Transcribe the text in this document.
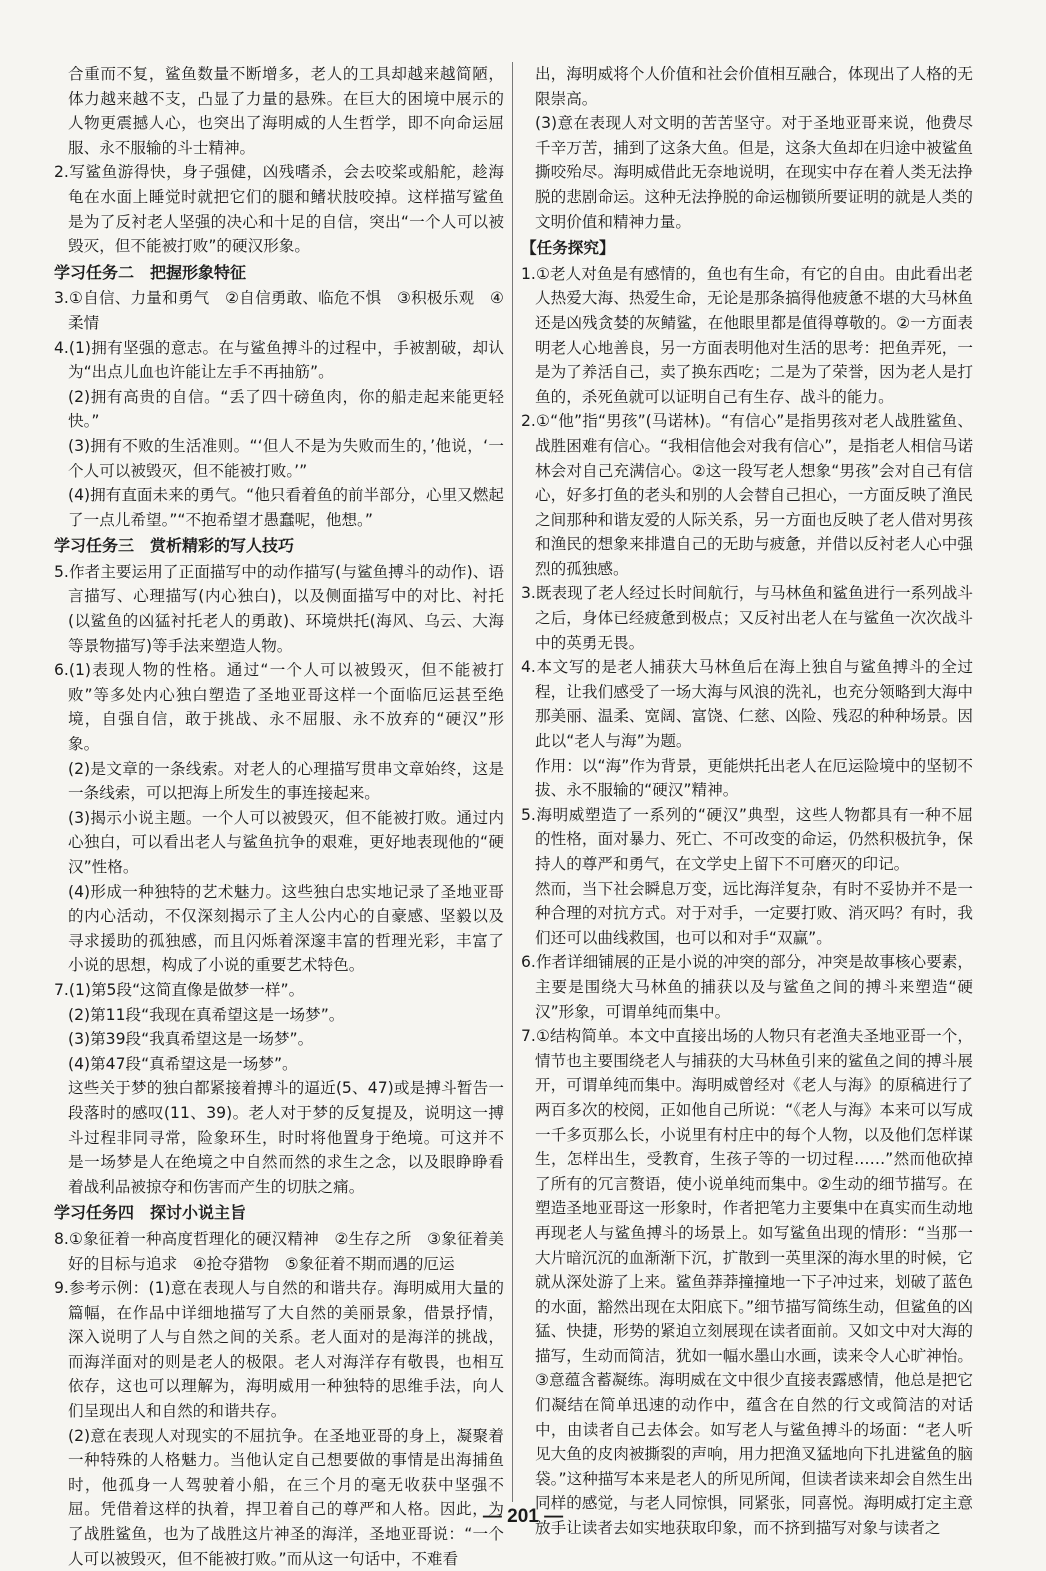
合重而不复，鲨鱼数量不断增多，老人的工具却越来越简陋，体力越来越不支，凸显了力量的悬殊。在巨大的困境中展示的人物更震撼人心，也突出了海明威的人生哲学，即不向命运屈服、永不服输的斗士精神。

2.写鲨鱼游得快，身子强健，凶残嗜杀，会去咬桨或船舵，趁海龟在水面上睡觉时就把它们的腿和鳍状肢咬掉。这样描写鲨鱼是为了反衬老人坚强的决心和十足的自信，突出“一个人可以被毁灭，但不能被打败”的硬汉形象。

学习任务二　把握形象特征

3.①自信、力量和勇气　②自信勇敢、临危不惧　③积极乐观　④柔情

4.(1)拥有坚强的意志。在与鲨鱼搏斗的过程中，手被割破，却认为“出点儿血也许能让左手不再抽筋”。

(2)拥有高贵的自信。“丢了四十磅鱼肉，你的船走起来能更轻快。”

(3)拥有不败的生活准则。“‘但人不是为失败而生的，’他说，‘一个人可以被毁灭，但不能被打败。’”

(4)拥有直面未来的勇气。“他只看着鱼的前半部分，心里又燃起了一点儿希望。”“不抱希望才愚蠢呢，他想。”

学习任务三　赏析精彩的写人技巧

5.作者主要运用了正面描写中的动作描写(与鲨鱼搏斗的动作)、语言描写、心理描写(内心独白)，以及侧面描写中的对比、衬托(以鲨鱼的凶猛衬托老人的勇敢)、环境烘托(海风、乌云、大海等景物描写)等手法来塑造人物。

6.(1)表现人物的性格。通过“一个人可以被毁灭，但不能被打败”等多处内心独白塑造了圣地亚哥这样一个面临厄运甚至绝境，自强自信，敢于挑战、永不屈服、永不放弃的“硬汉”形象。

(2)是文章的一条线索。对老人的心理描写贯串文章始终，这是一条线索，可以把海上所发生的事连接起来。

(3)揭示小说主题。一个人可以被毁灭，但不能被打败。通过内心独白，可以看出老人与鲨鱼抗争的艰难，更好地表现他的“硬汉”性格。

(4)形成一种独特的艺术魅力。这些独白忠实地记录了圣地亚哥的内心活动，不仅深刻揭示了主人公内心的自豪感、坚毅以及寻求援助的孤独感，而且闪烁着深邃丰富的哲理光彩，丰富了小说的思想，构成了小说的重要艺术特色。

7.(1)第5段“这简直像是做梦一样”。

(2)第11段“我现在真希望这是一场梦”。

(3)第39段“我真希望这是一场梦”。

(4)第47段“真希望这是一场梦”。

这些关于梦的独白都紧接着搏斗的逼近(5、47)或是搏斗暂告一段落时的感叹(11、39)。老人对于梦的反复提及，说明这一搏斗过程非同寻常，险象环生，时时将他置身于绝境。可这并不是一场梦是人在绝境之中自然而然的求生之念，以及眼睁睁看着战利品被掠夺和伤害而产生的切肤之痛。

学习任务四　探讨小说主旨

8.①象征着一种高度哲理化的硬汉精神　②生存之所　③象征着美好的目标与追求　④抢夺猎物　⑤象征着不期而遇的厄运

9.参考示例：(1)意在表现人与自然的和谐共存。海明威用大量的篇幅，在作品中详细地描写了大自然的美丽景象，借景抒情，深入说明了人与自然之间的关系。老人面对的是海洋的挑战，而海洋面对的则是老人的极限。老人对海洋存有敬畏，也相互依存，这也可以理解为，海明威用一种独特的思维手法，向人们呈现出人和自然的和谐共存。

(2)意在表现人对现实的不屈抗争。在圣地亚哥的身上，凝聚着一种特殊的人格魅力。当他认定自己想要做的事情是出海捕鱼时，他孤身一人驾驶着小船，在三个月的毫无收获中坚强不屈。凭借着这样的执着，捍卫着自己的尊严和人格。因此，为了战胜鲨鱼，也为了战胜这片神圣的海洋，圣地亚哥说：“一个人可以被毁灭，但不能被打败。”而从这一句话中，不难看

出，海明威将个人价值和社会价值相互融合，体现出了人格的无限崇高。

(3)意在表现人对文明的苦苦坚守。对于圣地亚哥来说，他费尽千辛万苦，捕到了这条大鱼。但是，这条大鱼却在归途中被鲨鱼撕咬殆尽。海明威借此无奈地说明，在现实中存在着人类无法挣脱的悲剧命运。这种无法挣脱的命运枷锁所要证明的就是人类的文明价值和精神力量。

【任务探究】

1.①老人对鱼是有感情的，鱼也有生命，有它的自由。由此看出老人热爱大海、热爱生命，无论是那条搞得他疲惫不堪的大马林鱼还是凶残贪婪的灰鲭鲨，在他眼里都是值得尊敬的。②一方面表明老人心地善良，另一方面表明他对生活的思考：把鱼弄死，一是为了养活自己，卖了换东西吃；二是为了荣誉，因为老人是打鱼的，杀死鱼就可以证明自己有生存、战斗的能力。

2.①“他”指“男孩”(马诺林)。“有信心”是指男孩对老人战胜鲨鱼、战胜困难有信心。“我相信他会对我有信心”，是指老人相信马诺林会对自己充满信心。②这一段写老人想象“男孩”会对自己有信心，好多打鱼的老头和别的人会替自己担心，一方面反映了渔民之间那种和谐友爱的人际关系，另一方面也反映了老人借对男孩和渔民的想象来排遣自己的无助与疲惫，并借以反衬老人心中强烈的孤独感。

3.既表现了老人经过长时间航行，与马林鱼和鲨鱼进行一系列战斗之后，身体已经疲惫到极点；又反衬出老人在与鲨鱼一次次战斗中的英勇无畏。

4.本文写的是老人捕获大马林鱼后在海上独自与鲨鱼搏斗的全过程，让我们感受了一场大海与风浪的洗礼，也充分领略到大海中那美丽、温柔、宽阔、富饶、仁慈、凶险、残忍的种种场景。因此以“老人与海”为题。

作用：以“海”作为背景，更能烘托出老人在厄运险境中的坚韧不拔、永不服输的“硬汉”精神。

5.海明威塑造了一系列的“硬汉”典型，这些人物都具有一种不屈的性格，面对暴力、死亡、不可改变的命运，仍然积极抗争，保持人的尊严和勇气，在文学史上留下不可磨灭的印记。

然而，当下社会瞬息万变，远比海洋复杂，有时不妥协并不是一种合理的对抗方式。对于对手，一定要打败、消灭吗？有时，我们还可以曲线救国，也可以和对手“双赢”。

6.作者详细铺展的正是小说的冲突的部分，冲突是故事核心要素，主要是围绕大马林鱼的捕获以及与鲨鱼之间的搏斗来塑造“硬汉”形象，可谓单纯而集中。

7.①结构简单。本文中直接出场的人物只有老渔夫圣地亚哥一个，情节也主要围绕老人与捕获的大马林鱼引来的鲨鱼之间的搏斗展开，可谓单纯而集中。海明威曾经对《老人与海》的原稿进行了两百多次的校阅，正如他自己所说：“《老人与海》本来可以写成一千多页那么长，小说里有村庄中的每个人物，以及他们怎样谋生，怎样出生，受教育，生孩子等的一切过程……”然而他砍掉了所有的冗言赘语，使小说单纯而集中。②生动的细节描写。在塑造圣地亚哥这一形象时，作者把笔力主要集中在真实而生动地再现老人与鲨鱼搏斗的场景上。如写鲨鱼出现的情形：“当那一大片暗沉沉的血渐渐下沉，扩散到一英里深的海水里的时候，它就从深处游了上来。鲨鱼莽莽撞撞地一下子冲过来，划破了蓝色的水面，豁然出现在太阳底下。”细节描写简练生动，但鲨鱼的凶猛、快捷，形势的紧迫立刻展现在读者面前。又如文中对大海的描写，生动而简洁，犹如一幅水墨山水画，读来令人心旷神怡。③意蕴含蓄凝练。海明威在文中很少直接表露感情，他总是把它们凝结在简单迅速的动作中，蕴含在自然的行文或简洁的对话中，由读者自己去体会。如写老人与鲨鱼搏斗的场面：“老人听见大鱼的皮肉被撕裂的声响，用力把渔叉猛地向下扎进鲨鱼的脑袋。”这种描写本来是老人的所见所闻，但读者读来却会自然生出同样的感觉，与老人同惊惧，同紧张，同喜悦。海明威打定主意放手让读者去如实地获取印象，而不挤到描写对象与读者之

— 201 —
